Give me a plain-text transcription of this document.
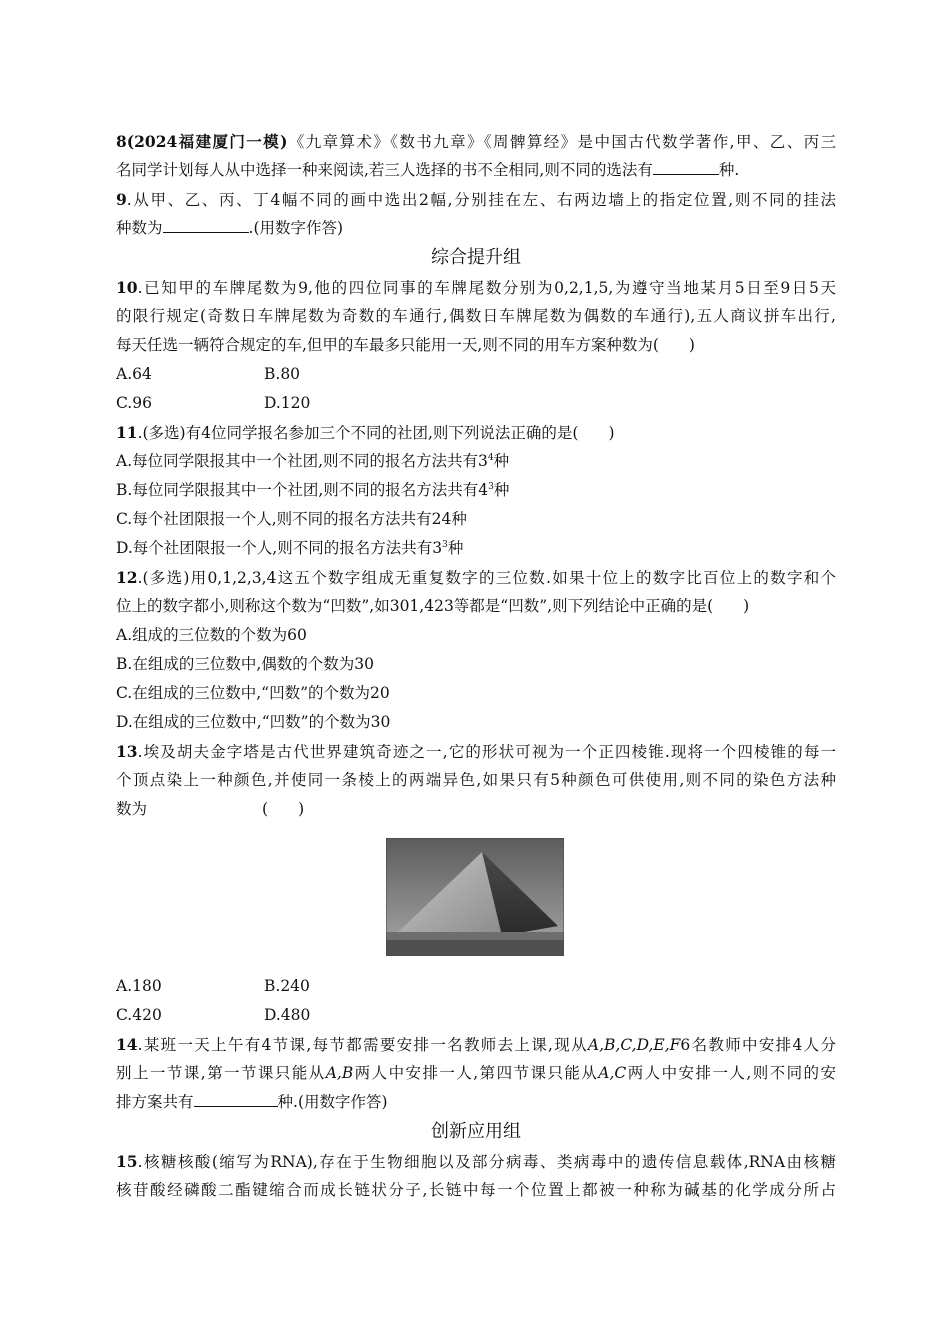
8(2024福建厦门一模)《九章算术》《数书九章》《周髀算经》是中国古代数学著作,甲、乙、丙三
名同学计划每人从中选择一种来阅读,若三人选择的书不全相同,则不同的选法有	种.
9.从甲、乙、丙、丁4幅不同的画中选出2幅,分别挂在左、右两边墙上的指定位置,则不同的挂法
种数为	.(用数字作答)
综合提升组
10.已知甲的车牌尾数为9,他的四位同事的车牌尾数分别为0,2,1,5,为遵守当地某月5日至9日5天
的限行规定(奇数日车牌尾数为奇数的车通行,偶数日车牌尾数为偶数的车通行),五人商议拼车出行,
每天任选一辆符合规定的车,但甲的车最多只能用一天,则不同的用车方案种数为( )
A.64	B.80
C.96	D.120
11.(多选)有4位同学报名参加三个不同的社团,则下列说法正确的是( )
A.每位同学限报其中一个社团,则不同的报名方法共有$3^4$种
B.每位同学限报其中一个社团,则不同的报名方法共有$4^3$种
C.每个社团限报一个人,则不同的报名方法共有24种
D.每个社团限报一个人,则不同的报名方法共有$3^3$种
12.(多选)用0,1,2,3,4这五个数字组成无重复数字的三位数.如果十位上的数字比百位上的数字和个
位上的数字都小,则称这个数为“凹数”,如301,423等都是“凹数”,则下列结论中正确的是( )
A.组成的三位数的个数为60
B.在组成的三位数中,偶数的个数为30
C.在组成的三位数中,“凹数”的个数为20
D.在组成的三位数中,“凹数”的个数为30
13.埃及胡夫金字塔是古代世界建筑奇迹之一,它的形状可视为一个正四棱锥.现将一个四棱锥的每一
个顶点染上一种颜色,并使同一条棱上的两端异色,如果只有5种颜色可供使用,则不同的染色方法种
数为	( )
A.180	B.240
C.420	D.480
14.某班一天上午有4节课,每节都需要安排一名教师去上课,现从A,B,C,D,E,F6名教师中安排4人分
别上一节课,第一节课只能从A,B两人中安排一人,第四节课只能从A,C两人中安排一人,则不同的安
排方案共有	种.(用数字作答)
创新应用组
15.核糖核酸(缩写为RNA),存在于生物细胞以及部分病毒、类病毒中的遗传信息载体,RNA由核糖
核苷酸经磷酸二酯键缩合而成长链状分子,长链中每一个位置上都被一种称为碱基的化学成分所占
